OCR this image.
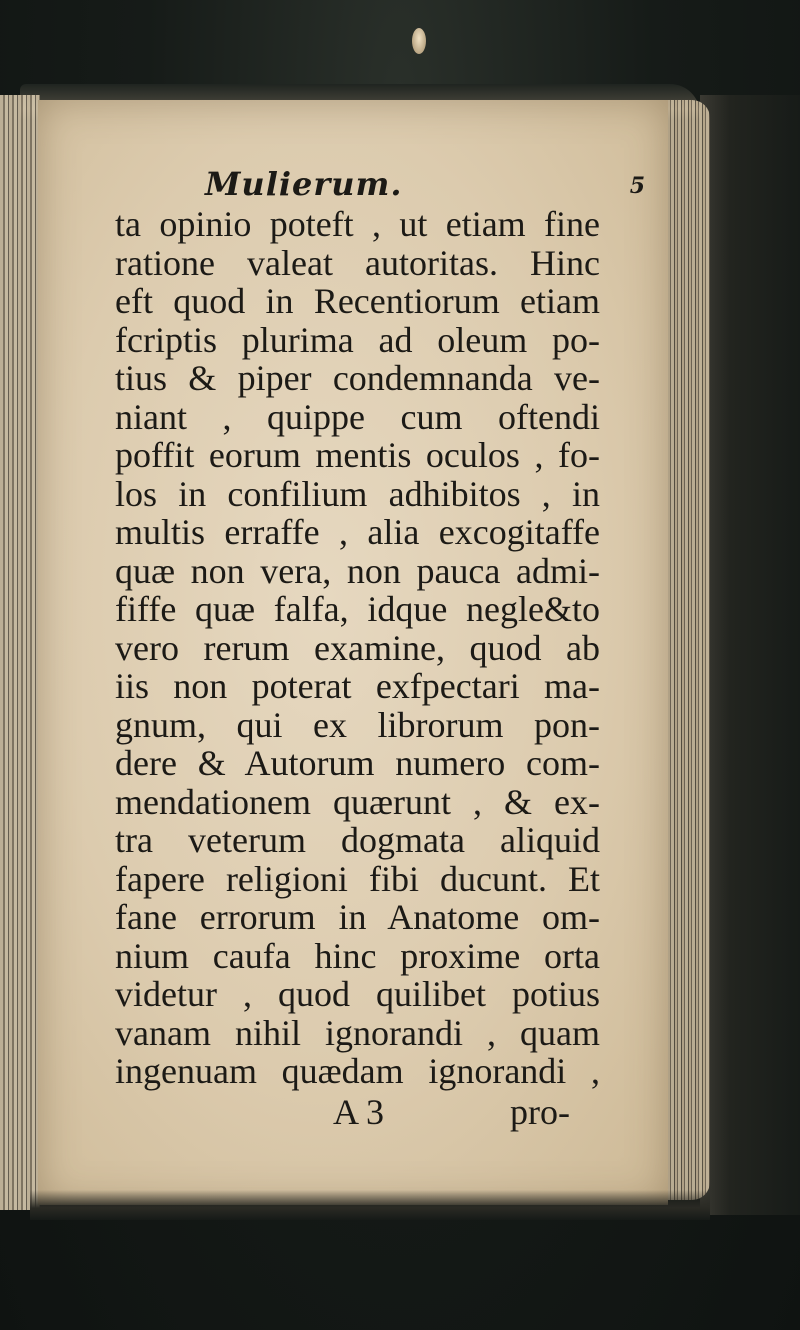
Mulierum.	5
ta opinio poteft , ut etiam fine
ratione valeat autoritas. Hinc
eft quod in Recentiorum etiam
fcriptis plurima ad oleum po-
tius & piper condemnanda ve-
niant , quippe cum oftendi
poffit eorum mentis oculos , fo-
los in confilium adhibitos , in
multis erraffe , alia excogitaffe
quæ non vera, non pauca admi-
fiffe quæ falfa, idque negle&to
vero rerum examine, quod ab
iis non poterat exfpectari ma-
gnum, qui ex librorum pon-
dere & Autorum numero com-
mendationem quærunt , & ex-
tra veterum dogmata aliquid
fapere religioni fibi ducunt. Et
fane errorum in Anatome om-
nium caufa hinc proxime orta
videtur , quod quilibet potius
vanam nihil ignorandi , quam
ingenuam quædam ignorandi ,
A 3	pro-
